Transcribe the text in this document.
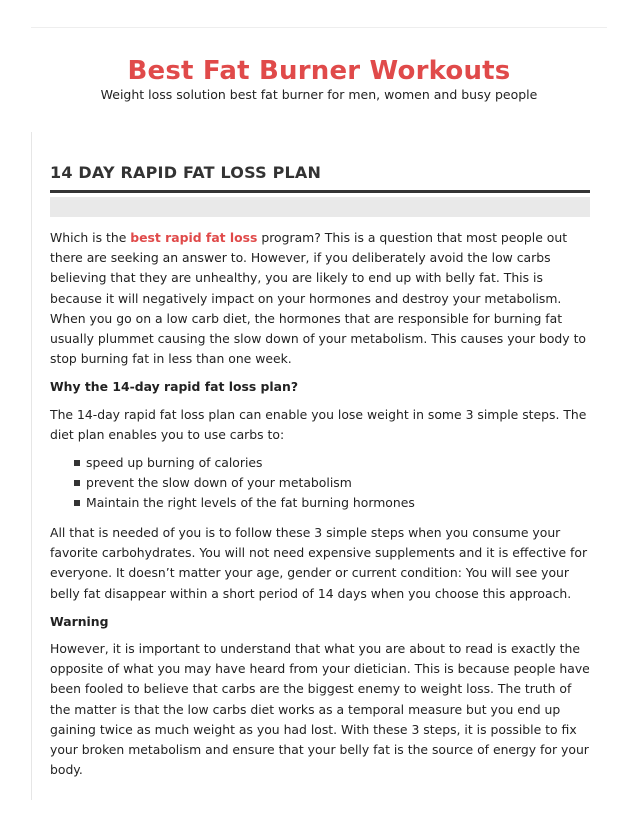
Best Fat Burner Workouts
Weight loss solution best fat burner for men, women and busy people
14 DAY RAPID FAT LOSS PLAN

Which is the best rapid fat loss program? This is a question that most people out there are seeking an answer to. However, if you deliberately avoid the low carbs believing that they are unhealthy, you are likely to end up with belly fat. This is because it will negatively impact on your hormones and destroy your metabolism. When you go on a low carb diet, the hormones that are responsible for burning fat usually plummet causing the slow down of your metabolism. This causes your body to stop burning fat in less than one week.

Why the 14-day rapid fat loss plan?

The 14-day rapid fat loss plan can enable you lose weight in some 3 simple steps. The diet plan enables you to use carbs to:

speed up burning of calories
prevent the slow down of your metabolism
Maintain the right levels of the fat burning hormones

All that is needed of you is to follow these 3 simple steps when you consume your favorite carbohydrates. You will not need expensive supplements and it is effective for everyone. It doesn’t matter your age, gender or current condition: You will see your belly fat disappear within a short period of 14 days when you choose this approach.

Warning

However, it is important to understand that what you are about to read is exactly the opposite of what you may have heard from your dietician. This is because people have been fooled to believe that carbs are the biggest enemy to weight loss. The truth of the matter is that the low carbs diet works as a temporal measure but you end up gaining twice as much weight as you had lost. With these 3 steps, it is possible to fix your broken metabolism and ensure that your belly fat is the source of energy for your body.
